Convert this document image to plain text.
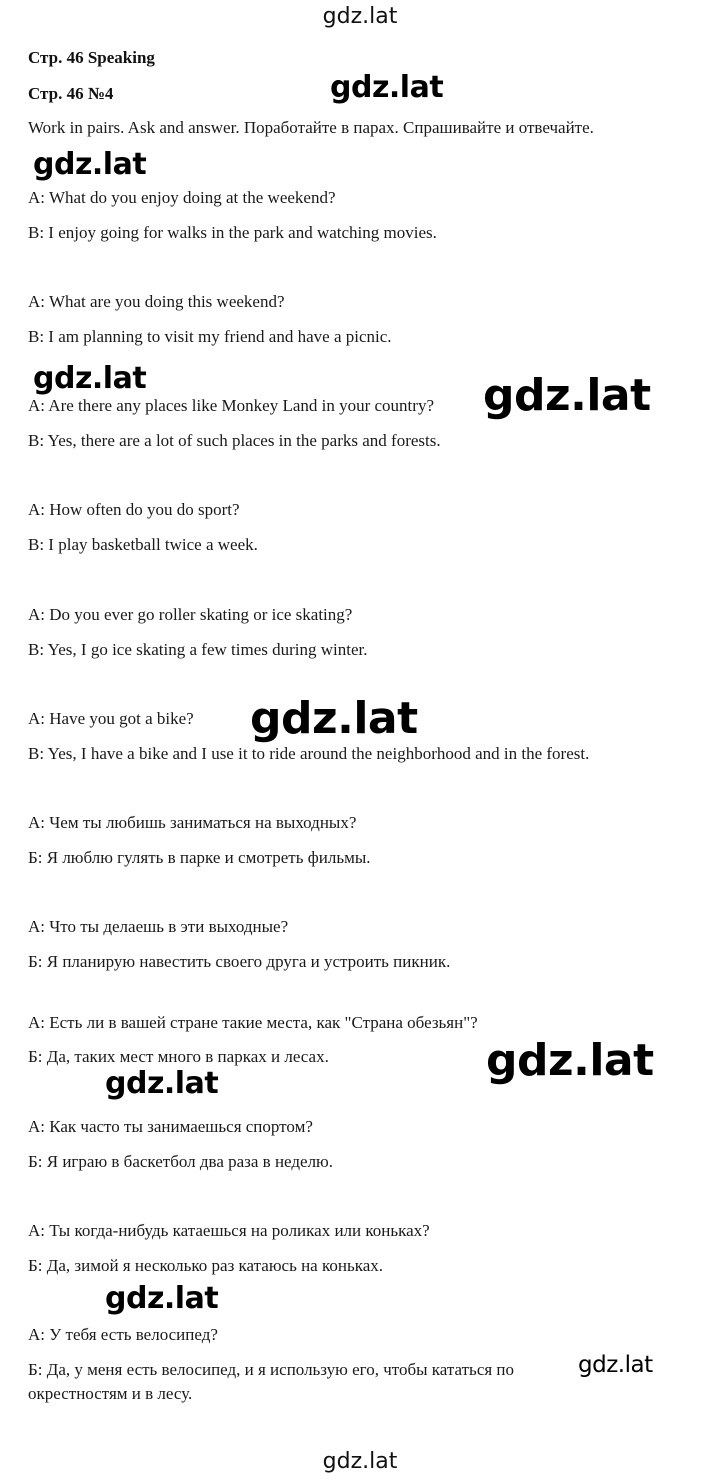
gdz.lat
Стр. 46 Speaking
Стр. 46 №4
Work in pairs. Ask and answer. Поработайте в парах. Спрашивайте и отвечайте.
A: What do you enjoy doing at the weekend?
B: I enjoy going for walks in the park and watching movies.
A: What are you doing this weekend?
B: I am planning to visit my friend and have a picnic.
A: Are there any places like Monkey Land in your country?
B: Yes, there are a lot of such places in the parks and forests.
A: How often do you do sport?
B: I play basketball twice a week.
A: Do you ever go roller skating or ice skating?
B: Yes, I go ice skating a few times during winter.
A: Have you got a bike?
B: Yes, I have a bike and I use it to ride around the neighborhood and in the forest.
А: Чем ты любишь заниматься на выходных?
Б: Я люблю гулять в парке и смотреть фильмы.
А: Что ты делаешь в эти выходные?
Б: Я планирую навестить своего друга и устроить пикник.
А: Есть ли в вашей стране такие места, как "Страна обезьян"?
Б: Да, таких мест много в парках и лесах.
А: Как часто ты занимаешься спортом?
Б: Я играю в баскетбол два раза в неделю.
А: Ты когда-нибудь катаешься на роликах или коньках?
Б: Да, зимой я несколько раз катаюсь на коньках.
А: У тебя есть велосипед?
Б: Да, у меня есть велосипед, и я использую его, чтобы кататься по
окрестностям и в лесу.
gdz.lat
gdz.lat
gdz.lat	gdz.lat
gdz.lat
gdz.lat
gdz.lat
gdz.lat
gdz.lat
gdz.lat
